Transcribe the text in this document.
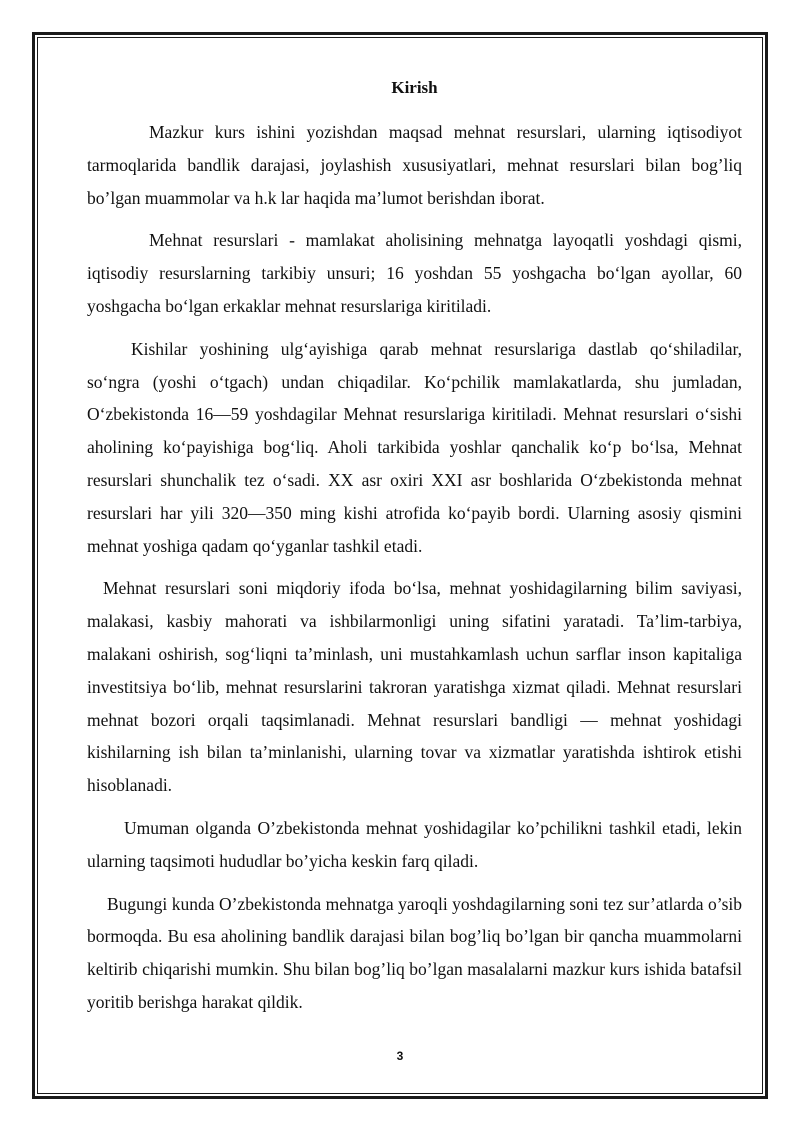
Kirish

Mazkur kurs ishini yozishdan maqsad mehnat resurslari, ularning iqtisodiyot tarmoqlarida bandlik darajasi, joylashish xususiyatlari, mehnat resurslari bilan bog’liq bo’lgan muammolar va h.k lar haqida ma’lumot berishdan iborat.

Mehnat resurslari - mamlakat aholisining mehnatga layoqatli yoshdagi qismi, iqtisodiy resurslarning tarkibiy unsuri; 16 yoshdan 55 yoshgacha bo‘lgan ayollar, 60 yoshgacha bo‘lgan erkaklar mehnat resurslariga kiritiladi.

Kishilar yoshining ulg‘ayishiga qarab mehnat resurslariga dastlab qo‘shiladilar, so‘ngra (yoshi o‘tgach) undan chiqadilar. Ko‘pchilik mamlakatlarda, shu jumladan, O‘zbekistonda 16—59 yoshdagilar Mehnat resurslariga kiritiladi. Mehnat resurslari o‘sishi aholining ko‘payishiga bog‘liq. Aholi tarkibida yoshlar qanchalik ko‘p bo‘lsa, Mehnat resurslari shunchalik tez o‘sadi. XX asr oxiri XXI asr boshlarida O‘zbekistonda mehnat resurslari har yili 320—350 ming kishi atrofida ko‘payib bordi. Ularning asosiy qismini mehnat yoshiga qadam qo‘yganlar tashkil etadi.

Mehnat resurslari soni miqdoriy ifoda bo‘lsa, mehnat yoshidagilarning bilim saviyasi, malakasi, kasbiy mahorati va ishbilarmonligi uning sifatini yaratadi. Ta’lim-tarbiya, malakani oshirish, sog‘liqni ta’minlash, uni mustahkamlash uchun sarflar inson kapitaliga investitsiya bo‘lib, mehnat resurslarini takroran yaratishga xizmat qiladi. Mehnat resurslari mehnat bozori orqali taqsimlanadi. Mehnat resurslari bandligi — mehnat yoshidagi kishilarning ish bilan ta’minlanishi, ularning tovar va xizmatlar yaratishda ishtirok etishi hisoblanadi.

Umuman olganda O’zbekistonda mehnat yoshidagilar ko’pchilikni tashkil etadi, lekin ularning taqsimoti hududlar bo’yicha keskin farq qiladi.

Bugungi kunda O’zbekistonda mehnatga yaroqli yoshdagilarning soni tez sur’atlarda o’sib bormoqda. Bu esa aholining bandlik darajasi bilan bog’liq bo’lgan bir qancha muammolarni keltirib chiqarishi mumkin. Shu bilan bog’liq bo’lgan masalalarni mazkur kurs ishida batafsil yoritib berishga harakat qildik.

3
